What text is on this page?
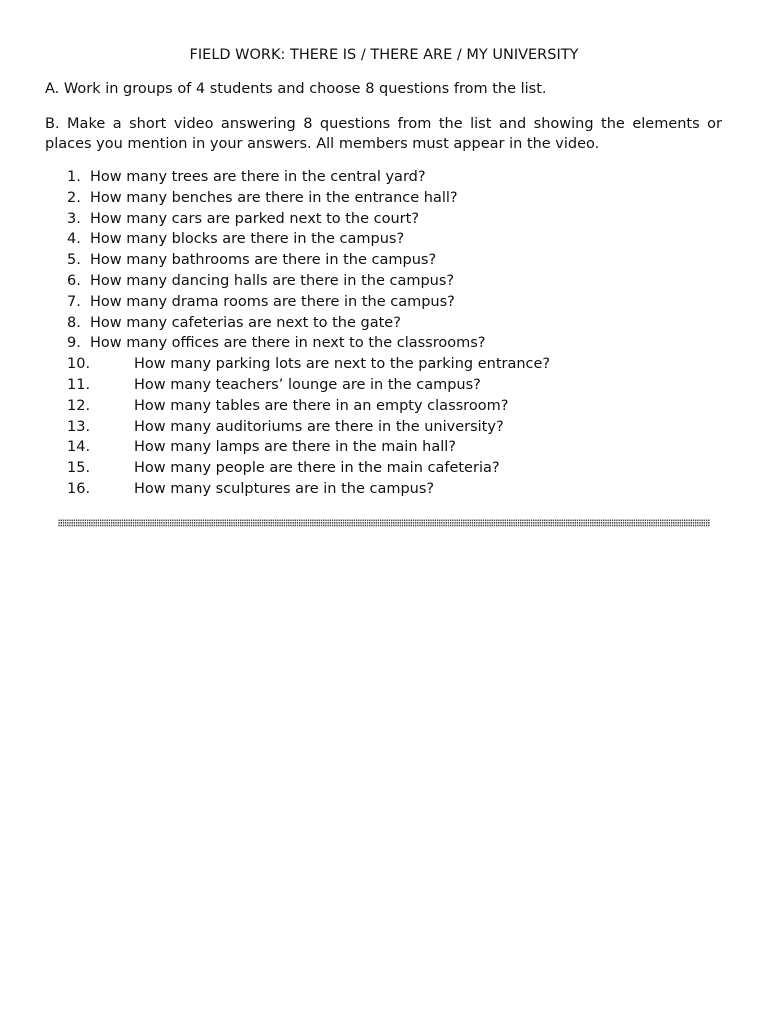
FIELD WORK: THERE IS / THERE ARE / MY UNIVERSITY
A. Work in groups of 4 students and choose 8 questions from the list.
B. Make a short video answering 8 questions from the list and showing the elements or places you mention in your answers. All members must appear in the video.
1. How many trees are there in the central yard?
2. How many benches are there in the entrance hall?
3. How many cars are parked next to the court?
4. How many blocks are there in the campus?
5. How many bathrooms are there in the campus?
6. How many dancing halls are there in the campus?
7. How many drama rooms are there in the campus?
8. How many cafeterias are next to the gate?
9. How many offices are there in next to the classrooms?
10.	How many parking lots are next to the parking entrance?
11.	How many teachers’ lounge are in the campus?
12.	How many tables are there in an empty classroom?
13.	How many auditoriums are there in the university?
14.	How many lamps are there in the main hall?
15.	How many people are there in the main cafeteria?
16.	How many sculptures are in the campus?
